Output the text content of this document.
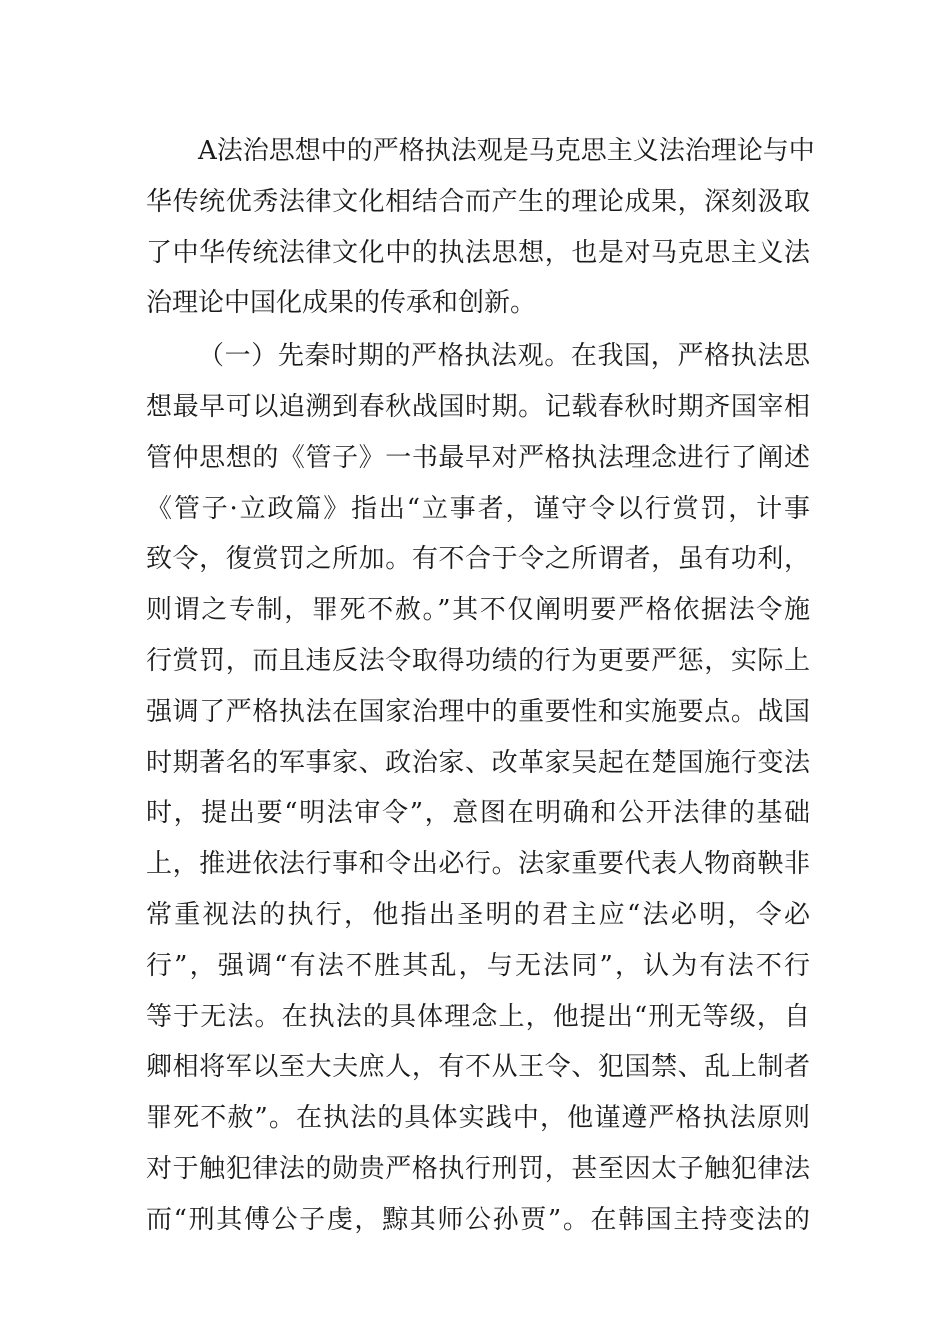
A法治思想中的严格执法观是马克思主义法治理论与中
华传统优秀法律文化相结合而产生的理论成果，深刻汲取
了中华传统法律文化中的执法思想，也是对马克思主义法
治理论中国化成果的传承和创新。
（一）先秦时期的严格执法观。在我国，严格执法思
想最早可以追溯到春秋战国时期。记载春秋时期齐国宰相
管仲思想的《管子》一书最早对严格执法理念进行了阐述
《管子·立政篇》指出“立事者，谨守令以行赏罚，计事
致令，復赏罚之所加。有不合于令之所谓者，虽有功利，
则谓之专制，罪死不赦。”其不仅阐明要严格依据法令施
行赏罚，而且违反法令取得功绩的行为更要严惩，实际上
强调了严格执法在国家治理中的重要性和实施要点。战国
时期著名的军事家、政治家、改革家吴起在楚国施行变法
时，提出要“明法审令”，意图在明确和公开法律的基础
上，推进依法行事和令出必行。法家重要代表人物商鞅非
常重视法的执行，他指出圣明的君主应“法必明，令必
行”，强调“有法不胜其乱，与无法同”，认为有法不行
等于无法。在执法的具体理念上，他提出“刑无等级，自
卿相将军以至大夫庶人，有不从王令、犯国禁、乱上制者
罪死不赦”。在执法的具体实践中，他谨遵严格执法原则
对于触犯律法的勋贵严格执行刑罚，甚至因太子触犯律法
而“刑其傅公子虔，黥其师公孙贾”。在韩国主持变法的
